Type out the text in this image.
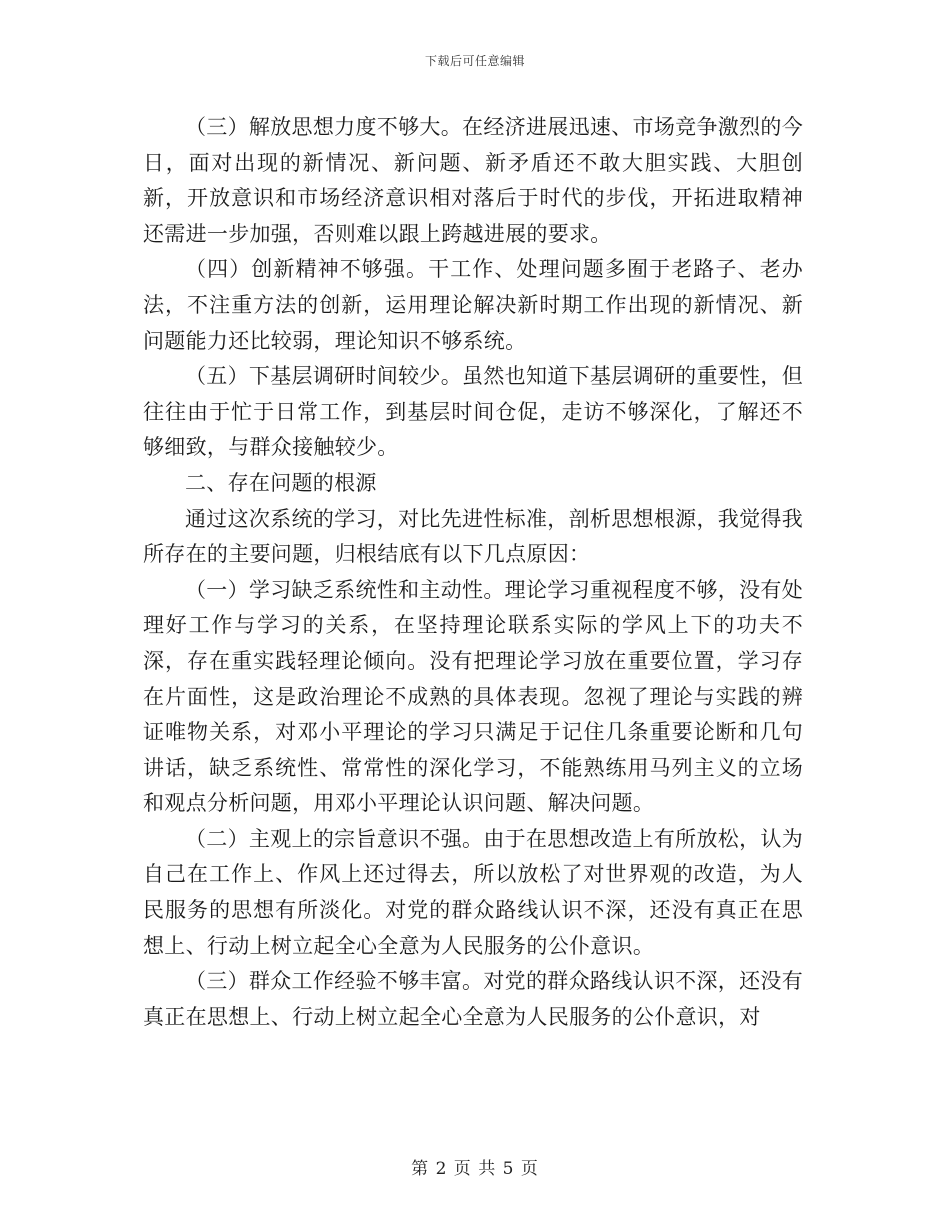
下载后可任意编辑

（三）解放思想力度不够大。在经济进展迅速、市场竞争激烈的今日，面对出现的新情况、新问题、新矛盾还不敢大胆实践、大胆创新，开放意识和市场经济意识相对落后于时代的步伐，开拓进取精神还需进一步加强，否则难以跟上跨越进展的要求。

（四）创新精神不够强。干工作、处理问题多囿于老路子、老办法，不注重方法的创新，运用理论解决新时期工作出现的新情况、新问题能力还比较弱，理论知识不够系统。

（五）下基层调研时间较少。虽然也知道下基层调研的重要性，但往往由于忙于日常工作，到基层时间仓促，走访不够深化，了解还不够细致，与群众接触较少。

二、存在问题的根源

通过这次系统的学习，对比先进性标准，剖析思想根源，我觉得我所存在的主要问题，归根结底有以下几点原因：

（一）学习缺乏系统性和主动性。理论学习重视程度不够，没有处理好工作与学习的关系，在坚持理论联系实际的学风上下的功夫不深，存在重实践轻理论倾向。没有把理论学习放在重要位置，学习存在片面性，这是政治理论不成熟的具体表现。忽视了理论与实践的辨证唯物关系，对邓小平理论的学习只满足于记住几条重要论断和几句讲话，缺乏系统性、常常性的深化学习，不能熟练用马列主义的立场和观点分析问题，用邓小平理论认识问题、解决问题。

（二）主观上的宗旨意识不强。由于在思想改造上有所放松，认为自己在工作上、作风上还过得去，所以放松了对世界观的改造，为人民服务的思想有所淡化。对党的群众路线认识不深，还没有真正在思想上、行动上树立起全心全意为人民服务的公仆意识。

（三）群众工作经验不够丰富。对党的群众路线认识不深，还没有真正在思想上、行动上树立起全心全意为人民服务的公仆意识，对

第 2 页 共 5 页
